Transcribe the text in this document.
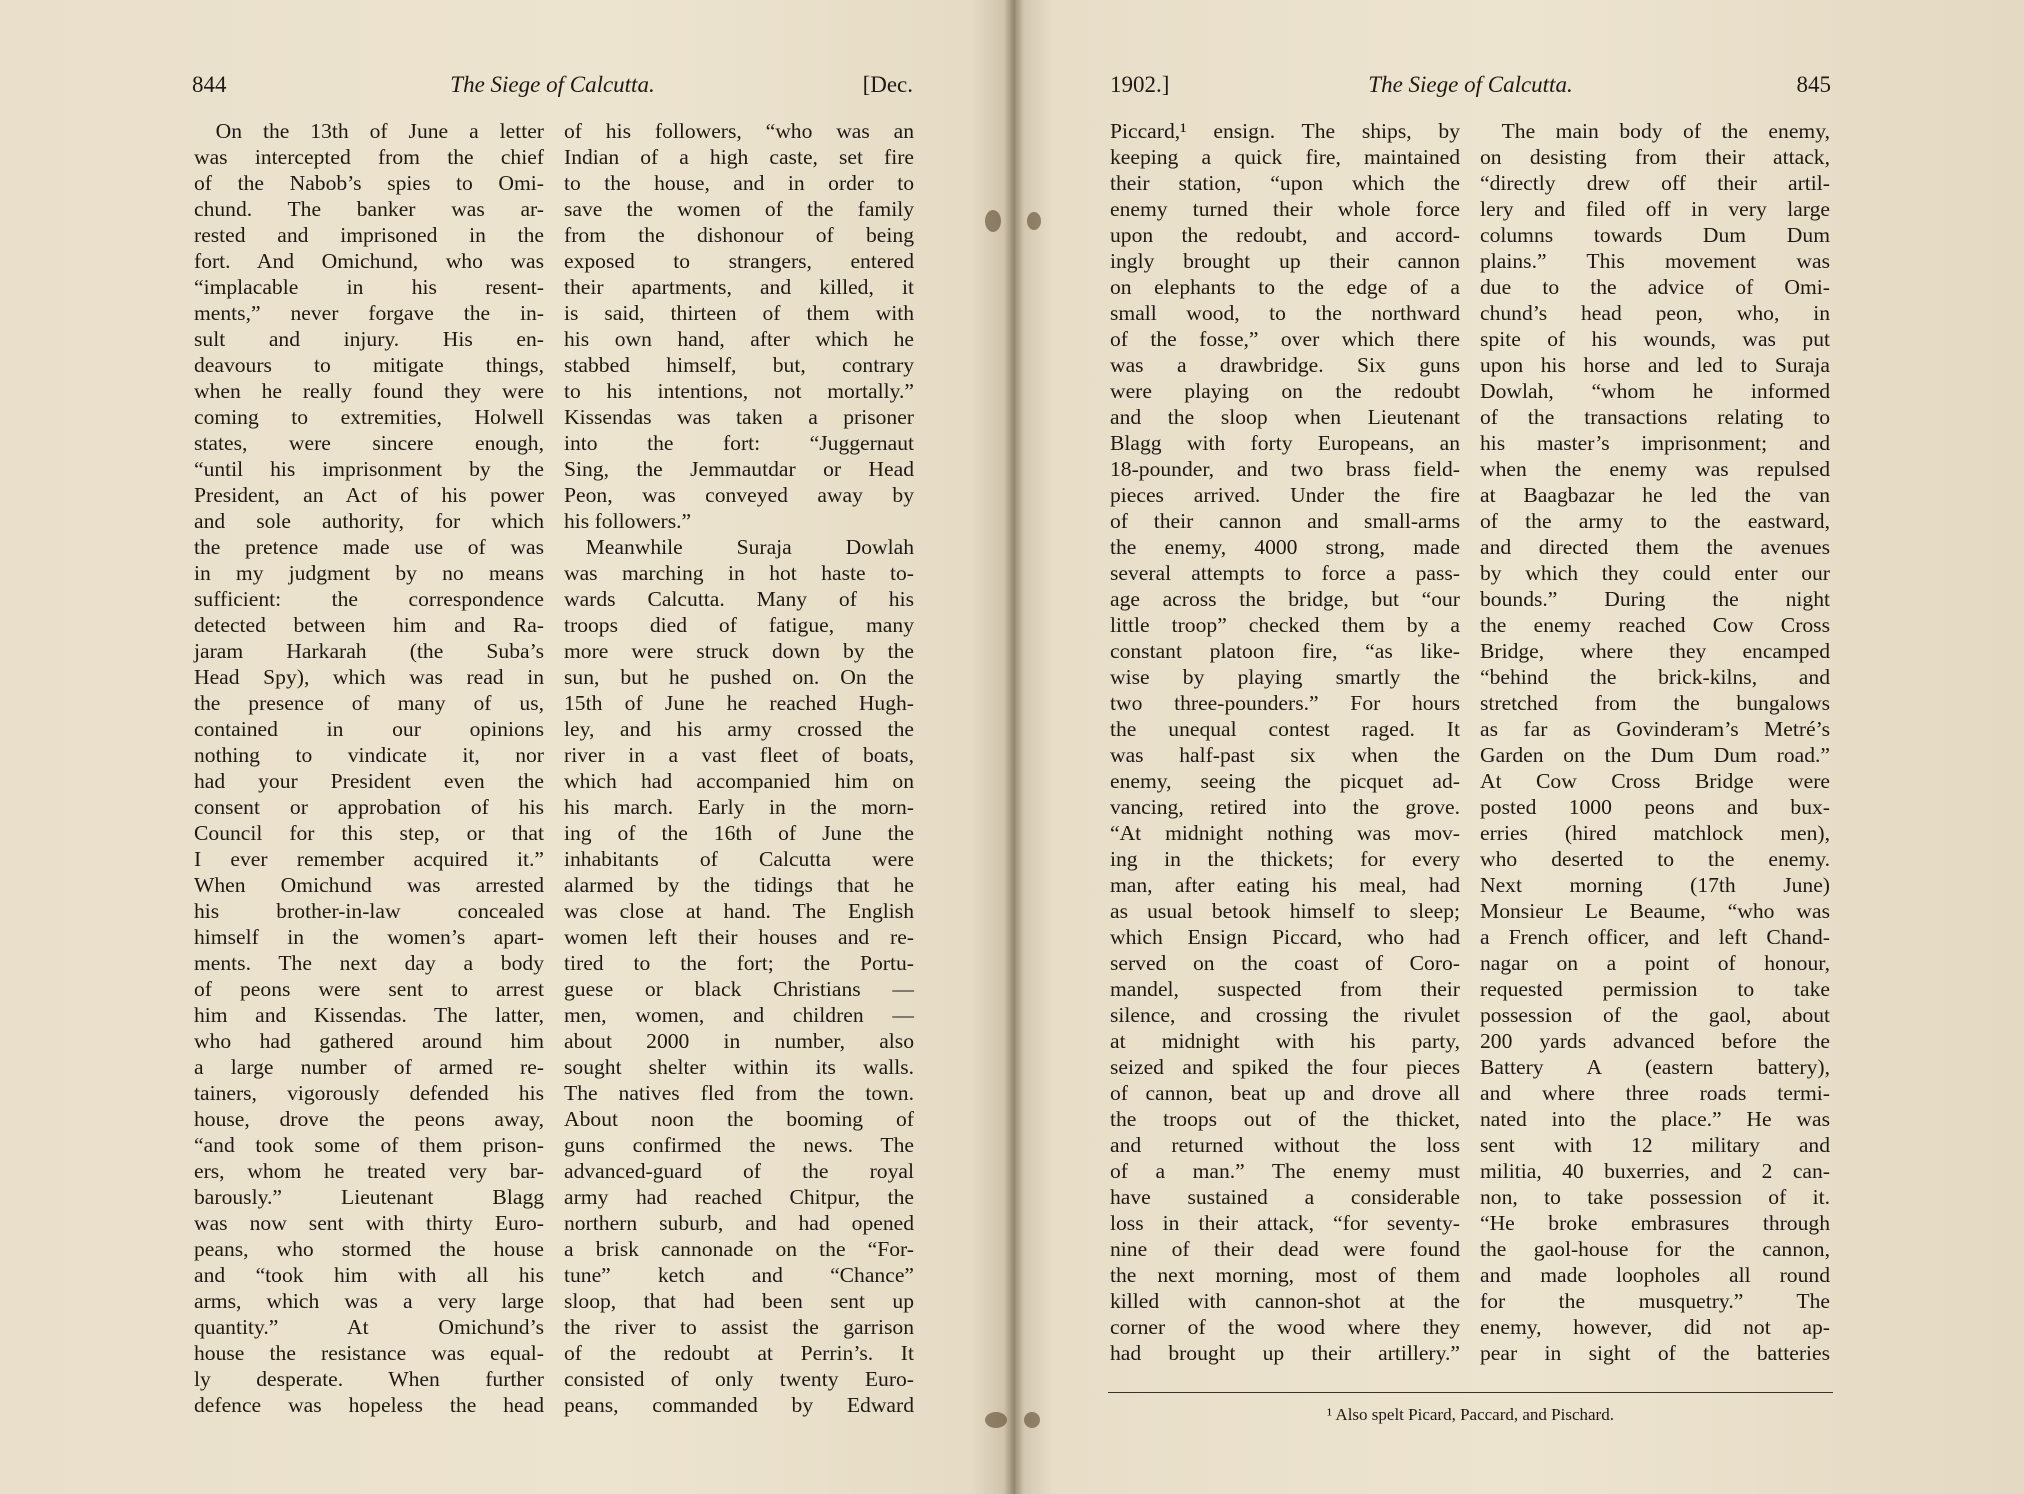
844	The Siege of Calcutta.	[Dec.
On the 13th of June a letter
was intercepted from the chief
of the Nabob’s spies to Omi-
chund. The banker was ar-
rested and imprisoned in the
fort. And Omichund, who was
“implacable in his resent-
ments,” never forgave the in-
sult and injury. His en-
deavours to mitigate things,
when he really found they were
coming to extremities, Holwell
states, were sincere enough,
“until his imprisonment by the
President, an Act of his power
and sole authority, for which
the pretence made use of was
in my judgment by no means
sufficient: the correspondence
detected between him and Ra-
jaram Harkarah (the Suba’s
Head Spy), which was read in
the presence of many of us,
contained in our opinions
nothing to vindicate it, nor
had your President even the
consent or approbation of his
Council for this step, or that
I ever remember acquired it.”
When Omichund was arrested
his brother-in-law concealed
himself in the women’s apart-
ments. The next day a body
of peons were sent to arrest
him and Kissendas. The latter,
who had gathered around him
a large number of armed re-
tainers, vigorously defended his
house, drove the peons away,
“and took some of them prison-
ers, whom he treated very bar-
barously.” Lieutenant Blagg
was now sent with thirty Euro-
peans, who stormed the house
and “took him with all his
arms, which was a very large
quantity.” At Omichund’s
house the resistance was equal-
ly desperate. When further
defence was hopeless the head
of his followers, “who was an
Indian of a high caste, set fire
to the house, and in order to
save the women of the family
from the dishonour of being
exposed to strangers, entered
their apartments, and killed, it
is said, thirteen of them with
his own hand, after which he
stabbed himself, but, contrary
to his intentions, not mortally.”
Kissendas was taken a prisoner
into the fort: “Juggernaut
Sing, the Jemmautdar or Head
Peon, was conveyed away by
his followers.”
Meanwhile Suraja Dowlah
was marching in hot haste to-
wards Calcutta. Many of his
troops died of fatigue, many
more were struck down by the
sun, but he pushed on. On the
15th of June he reached Hugh-
ley, and his army crossed the
river in a vast fleet of boats,
which had accompanied him on
his march. Early in the morn-
ing of the 16th of June the
inhabitants of Calcutta were
alarmed by the tidings that he
was close at hand. The English
women left their houses and re-
tired to the fort; the Portu-
guese or black Christians —
men, women, and children —
about 2000 in number, also
sought shelter within its walls.
The natives fled from the town.
About noon the booming of
guns confirmed the news. The
advanced-guard of the royal
army had reached Chitpur, the
northern suburb, and had opened
a brisk cannonade on the “For-
tune” ketch and “Chance”
sloop, that had been sent up
the river to assist the garrison
of the redoubt at Perrin’s. It
consisted of only twenty Euro-
peans, commanded by Edward
1902.]	The Siege of Calcutta.	845
Piccard,¹ ensign. The ships, by
keeping a quick fire, maintained
their station, “upon which the
enemy turned their whole force
upon the redoubt, and accord-
ingly brought up their cannon
on elephants to the edge of a
small wood, to the northward
of the fosse,” over which there
was a drawbridge. Six guns
were playing on the redoubt
and the sloop when Lieutenant
Blagg with forty Europeans, an
18-pounder, and two brass field-
pieces arrived. Under the fire
of their cannon and small-arms
the enemy, 4000 strong, made
several attempts to force a pass-
age across the bridge, but “our
little troop” checked them by a
constant platoon fire, “as like-
wise by playing smartly the
two three-pounders.” For hours
the unequal contest raged. It
was half-past six when the
enemy, seeing the picquet ad-
vancing, retired into the grove.
“At midnight nothing was mov-
ing in the thickets; for every
man, after eating his meal, had
as usual betook himself to sleep;
which Ensign Piccard, who had
served on the coast of Coro-
mandel, suspected from their
silence, and crossing the rivulet
at midnight with his party,
seized and spiked the four pieces
of cannon, beat up and drove all
the troops out of the thicket,
and returned without the loss
of a man.” The enemy must
have sustained a considerable
loss in their attack, “for seventy-
nine of their dead were found
the next morning, most of them
killed with cannon-shot at the
corner of the wood where they
had brought up their artillery.”
The main body of the enemy,
on desisting from their attack,
“directly drew off their artil-
lery and filed off in very large
columns towards Dum Dum
plains.” This movement was
due to the advice of Omi-
chund’s head peon, who, in
spite of his wounds, was put
upon his horse and led to Suraja
Dowlah, “whom he informed
of the transactions relating to
his master’s imprisonment; and
when the enemy was repulsed
at Baagbazar he led the van
of the army to the eastward,
and directed them the avenues
by which they could enter our
bounds.” During the night
the enemy reached Cow Cross
Bridge, where they encamped
“behind the brick-kilns, and
stretched from the bungalows
as far as Govinderam’s Metré’s
Garden on the Dum Dum road.”
At Cow Cross Bridge were
posted 1000 peons and bux-
erries (hired matchlock men),
who deserted to the enemy.
Next morning (17th June)
Monsieur Le Beaume, “who was
a French officer, and left Chand-
nagar on a point of honour,
requested permission to take
possession of the gaol, about
200 yards advanced before the
Battery A (eastern battery),
and where three roads termi-
nated into the place.” He was
sent with 12 military and
militia, 40 buxerries, and 2 can-
non, to take possession of it.
“He broke embrasures through
the gaol-house for the cannon,
and made loopholes all round
for the musquetry.” The
enemy, however, did not ap-
pear in sight of the batteries
¹ Also spelt Picard, Paccard, and Pischard.
